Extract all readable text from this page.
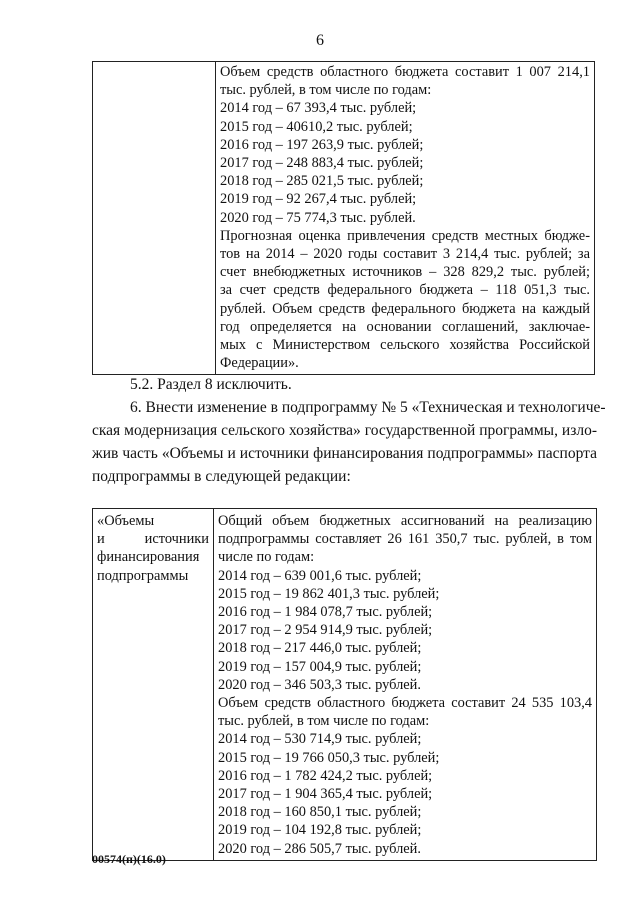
6

Объем средств областного бюджета составит 1 007 214,1
тыс. рублей, в том числе по годам:
2014 год – 67 393,4 тыс. рублей;
2015 год – 40610,2 тыс. рублей;
2016 год – 197 263,9 тыс. рублей;
2017 год – 248 883,4 тыс. рублей;
2018 год – 285 021,5 тыс. рублей;
2019 год – 92 267,4 тыс. рублей;
2020 год – 75 774,3 тыс. рублей.
Прогнозная оценка привлечения средств местных бюдже-
тов на 2014 – 2020 годы составит 3 214,4 тыс. рублей; за
счет внебюджетных источников – 328 829,2 тыс. рублей;
за счет средств федерального бюджета – 118 051,3 тыс.
рублей. Объем средств федерального бюджета на каждый
год определяется на основании соглашений, заключае-
мых с Министерством сельского хозяйства Российской
Федерации».
5.2. Раздел 8 исключить.
6. Внести изменение в подпрограмму № 5 «Техническая и технологиче-
ская модернизация сельского хозяйства» государственной программы, изло-
жив часть «Объемы и источники финансирования подпрограммы» паспорта
подпрограммы в следующей редакции:
«Объемы
и источники
финансирования
подпрограммы

Общий объем бюджетных ассигнований на реализацию
подпрограммы составляет 26 161 350,7 тыс. рублей, в том
числе по годам:
2014 год – 639 001,6 тыс. рублей;
2015 год – 19 862 401,3 тыс. рублей;
2016 год – 1 984 078,7 тыс. рублей;
2017 год – 2 954 914,9 тыс. рублей;
2018 год – 217 446,0 тыс. рублей;
2019 год – 157 004,9 тыс. рублей;
2020 год – 346 503,3 тыс. рублей.
Объем средств областного бюджета составит 24 535 103,4
тыс. рублей, в том числе по годам:
2014 год – 530 714,9 тыс. рублей;
2015 год – 19 766 050,3 тыс. рублей;
2016 год – 1 782 424,2 тыс. рублей;
2017 год – 1 904 365,4 тыс. рублей;
2018 год – 160 850,1 тыс. рублей;
2019 год – 104 192,8 тыс. рублей;
2020 год – 286 505,7 тыс. рублей.
00574(п)(16.0)
